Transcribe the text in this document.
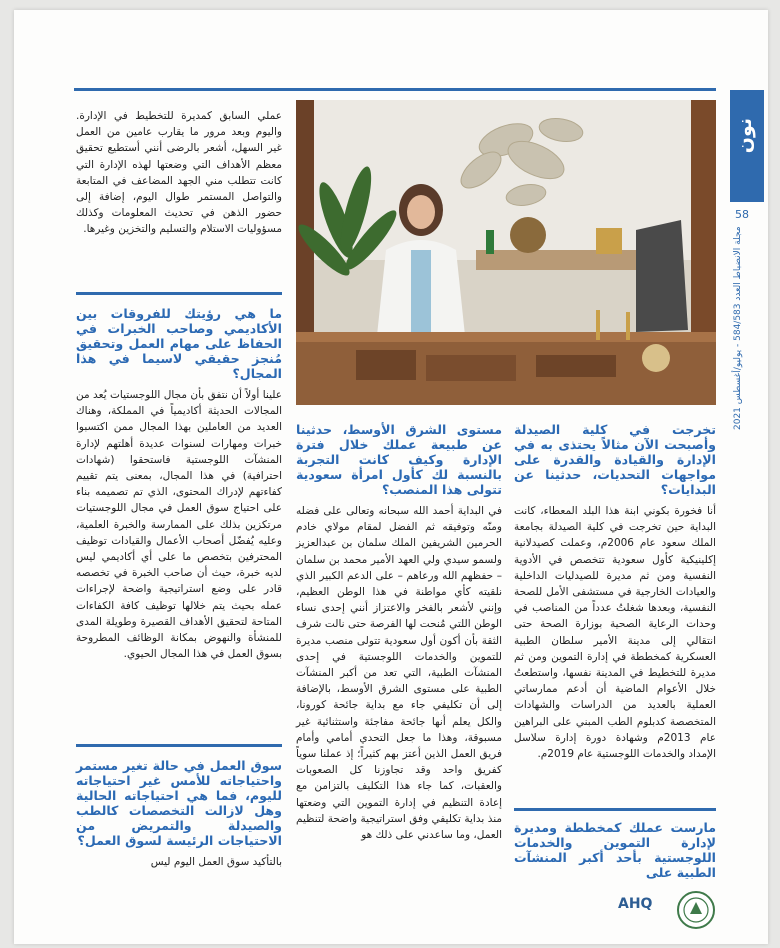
نون
58
مجلة الانضباط العدد 584/583 - يوليو/أغسطس 2021

تخرجت في كلية الصيدلة وأصبحت الآن مثالاً يحتذى به في الإدارة والقيادة والقدرة على مواجهات التحديات، حدثينا عن البدايات؟

أنا فخورة بكوني ابنة هذا البلد المعطاء، كانت البداية حين تخرجت في كلية الصيدلة بجامعة الملك سعود عام 2006م، وعملت كصيدلانية إكلينيكية كأول سعودية تتخصص في الأدوية النفسية ومن ثم مديرة للصيدليات الداخلية والعيادات الخارجية في مستشفى الأمل للصحة النفسية، وبعدها شغلتُ عدداً من المناصب في وحدات الرعاية الصحية بوزارة الصحة حتى انتقالي إلى مدينة الأمير سلطان الطبية العسكرية كمخططة في إدارة التموين ومن ثم مديرة للتخطيط في المدينة نفسها، واستطعتُ خلال الأعوام الماضية أن أدعم ممارساتي العملية بالعديد من الدراسات والشهادات المتخصصة كدبلوم الطب المبني على البراهين عام 2013م وشهادة دورة إدارة سلاسل الإمداد والخدمات اللوجستية عام 2019م.

مارست عملك كمخططة ومديرة لإدارة التموين والخدمات اللوجستية بأحد أكبر المنشآت الطبية على

مستوى الشرق الأوسط، حدثينا عن طبيعة عملك خلال فترة الإدارة وكيف كانت التجربة بالنسبة لك كأول امرأة سعودية تتولى هذا المنصب؟

في البداية أحمد الله سبحانه وتعالى على فضله ومنّه وتوفيقه ثم الفضل لمقام مولاي خادم الحرمين الشريفين الملك سلمان بن عبدالعزيز ولسمو سيدي ولي العهد الأمير محمد بن سلمان – حفظهم الله ورعاهم – على الدعم الكبير الذي نلقيته كأي مواطنة في هذا الوطن العظيم، وإنني لأشعر بالفخر والاعتزاز أنني إحدى نساء الوطن اللتي مُنحت لها الفرصة حتى نالت شرف الثقة بأن أكون أول سعودية تتولى منصب مديرة للتموين والخدمات اللوجستية في إحدى المنشآت الطبية، التي تعد من أكبر المنشآت الطبية على مستوى الشرق الأوسط، بالإضافة إلى أن تكليفي جاء مع بداية جائحة كورونا، والكل يعلم أنها جائحة مفاجئة واستثنائية غير مسبوقة، وهذا ما جعل التحدي أمامي وأمام فريق العمل الذين أعتز بهم كثيراً؛ إذ عملنا سوياً كفريق واحد وقد تجاوزنا كل الصعوبات والعقبات، كما جاء هذا التكليف بالتزامن مع إعادة التنظيم في إدارة التموين التي وضعتها منذ بداية تكليفي وفق استراتيجية واضحة لتنظيم العمل، وما ساعدني على ذلك هو

عملي السابق كمديرة للتخطيط في الإدارة. واليوم وبعد مرور ما يقارب عامين من العمل غير السهل، أشعر بالرضى أنني أستطيع تحقيق معظم الأهداف التي وضعتها لهذه الإدارة التي كانت تتطلب مني الجهد المضاعف في المتابعة والتواصل المستمر طوال اليوم، إضافة إلى حضور الذهن في تحديث المعلومات وكذلك مسؤوليات الاستلام والتسليم والتخزين وغيرها.

ما هي رؤيتك للفروقات بين الأكاديمي وصاحب الخبرات في الحفاظ على مهام العمل وتحقيق مُنجز حقيقي لاسيما في هذا المجال؟

علينا أولاً أن نتفق بأن مجال اللوجستيات يُعد من المجالات الحديثة أكاديمياً في المملكة، وهناك العديد من العاملين بهذا المجال ممن اكتسبوا خبرات ومهارات لسنوات عديدة أهلتهم لإدارة المنشآت اللوجستية فاستحقوا (شهادات احترافية) في هذا المجال، بمعنى يتم تقييم كفاءتهم لإدراك المحتوى، الذي تم تصميمه بناء على احتياج سوق العمل في مجال اللوجستيات مرتكزين بذلك على الممارسة والخبرة العلمية، وعليه يُفضّل أصحاب الأعمال والقيادات توظيف المحترفين بتخصص ما على أي أكاديمي ليس لديه خبرة، حيث أن صاحب الخبرة في تخصصه قادر على وضع استراتيجية واضحة لإجراءات عمله بحيث يتم خلالها توظيف كافة الكفاءات المتاحة لتحقيق الأهداف القصيرة وطويلة المدى للمنشأة والنهوض بمكانة الوظائف المطروحة بسوق العمل في هذا المجال الحيوي.

سوق العمل في حالة تغير مستمر واحتياجاته للأمس غير احتياجاته لليوم، فما هي احتياجاته الحالية وهل لازالت التخصصات كالطب والصيدلة والتمريض من الاحتياجات الرئيسة لسوق العمل؟

بالتأكيد سوق العمل اليوم ليس

AHQ
